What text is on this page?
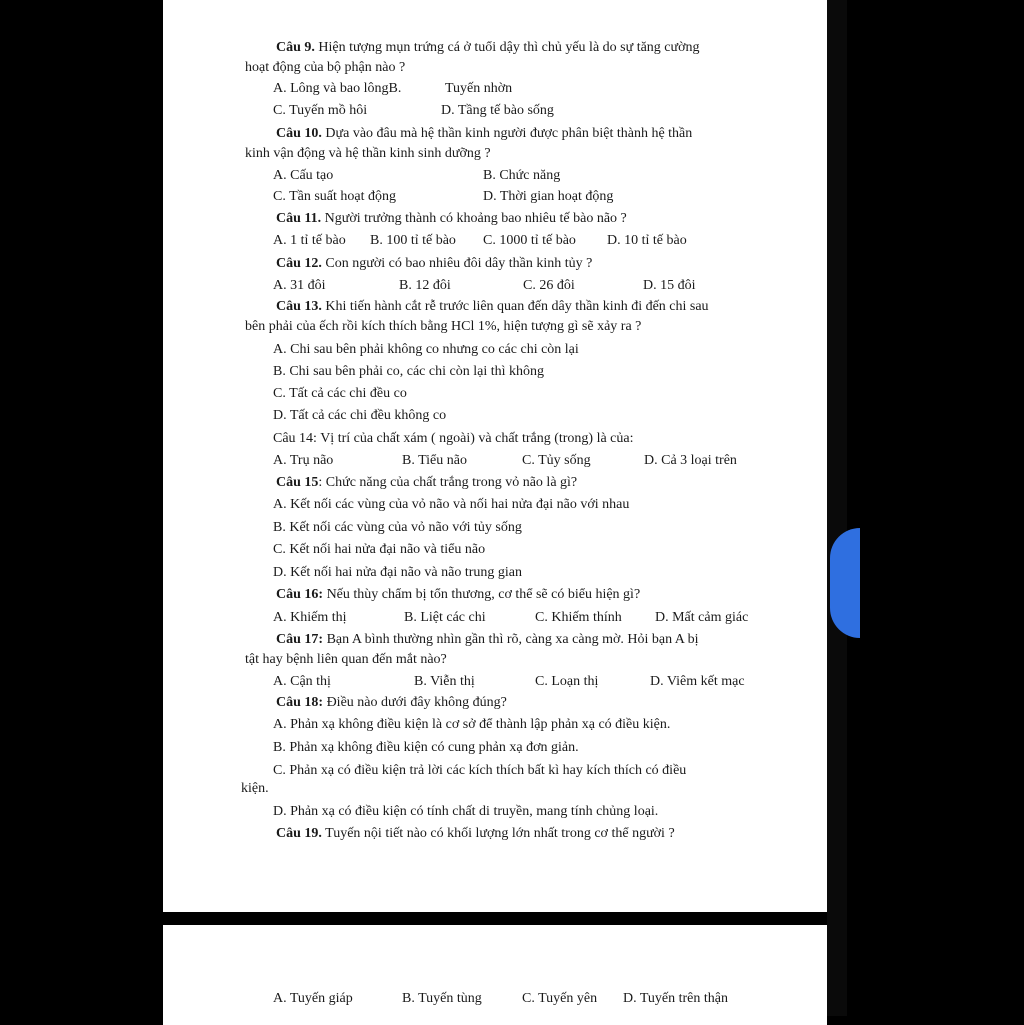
Câu 9. Hiện tượng mụn trứng cá ở tuổi dậy thì chủ yếu là do sự tăng cường
hoạt động của bộ phận nào ?
A. Lông và bao lôngB.	Tuyến nhờn
C. Tuyến mồ hôi	D. Tầng tế bào sống
Câu 10. Dựa vào đâu mà hệ thần kinh người được phân biệt thành hệ thần
kinh vận động và hệ thần kinh sinh dưỡng ?
A. Cấu tạo	B. Chức năng
C. Tần suất hoạt động	D. Thời gian hoạt động
Câu 11. Người trưởng thành có khoảng bao nhiêu tế bào não ?
A. 1 tỉ tế bào B. 100 tỉ tế bào C. 1000 tỉ tế bào D. 10 tỉ tế bào
Câu 12. Con người có bao nhiêu đôi dây thần kinh tủy ?
A. 31 đôi	B. 12 đôi	C. 26 đôi	D. 15 đôi
Câu 13. Khi tiến hành cắt rễ trước liên quan đến dây thần kinh đi đến chi sau
bên phải của ếch rồi kích thích bằng HCl 1%, hiện tượng gì sẽ xảy ra ?
A. Chi sau bên phải không co nhưng co các chi còn lại
B. Chi sau bên phải co, các chi còn lại thì không
C. Tất cả các chi đều co
D. Tất cả các chi đều không co
Câu 14: Vị trí của chất xám ( ngoài) và chất trắng (trong) là của:
A. Trụ não	B. Tiểu não	C. Tủy sống	D. Cả 3 loại trên
Câu 15: Chức năng của chất trắng trong vỏ não là gì?
A. Kết nối các vùng của vỏ não và nối hai nửa đại não với nhau
B. Kết nối các vùng của vỏ não với tủy sống
C. Kết nối hai nửa đại não và tiểu não
D. Kết nối hai nửa đại não và não trung gian
Câu 16: Nếu thùy chẩm bị tổn thương, cơ thể sẽ có biểu hiện gì?
A. Khiếm thị	B. Liệt các chi	C. Khiếm thính D. Mất cảm giác
Câu 17: Bạn A bình thường nhìn gần thì rõ, càng xa càng mờ. Hỏi bạn A bị
tật hay bệnh liên quan đến mắt nào?
A. Cận thị	B. Viễn thị	C. Loạn thị	D. Viêm kết mạc
Câu 18: Điều nào dưới đây không đúng?
A. Phản xạ không điều kiện là cơ sở để thành lập phản xạ có điều kiện.
B. Phản xạ không điều kiện có cung phản xạ đơn giản.
C. Phản xạ có điều kiện trả lời các kích thích bất kì hay kích thích có điều
kiện.
D. Phản xạ có điều kiện có tính chất di truyền, mang tính chủng loại.
Câu 19. Tuyến nội tiết nào có khối lượng lớn nhất trong cơ thể người ?
A. Tuyến giáp	B. Tuyến tùng	C. Tuyến yên D. Tuyến trên thận
